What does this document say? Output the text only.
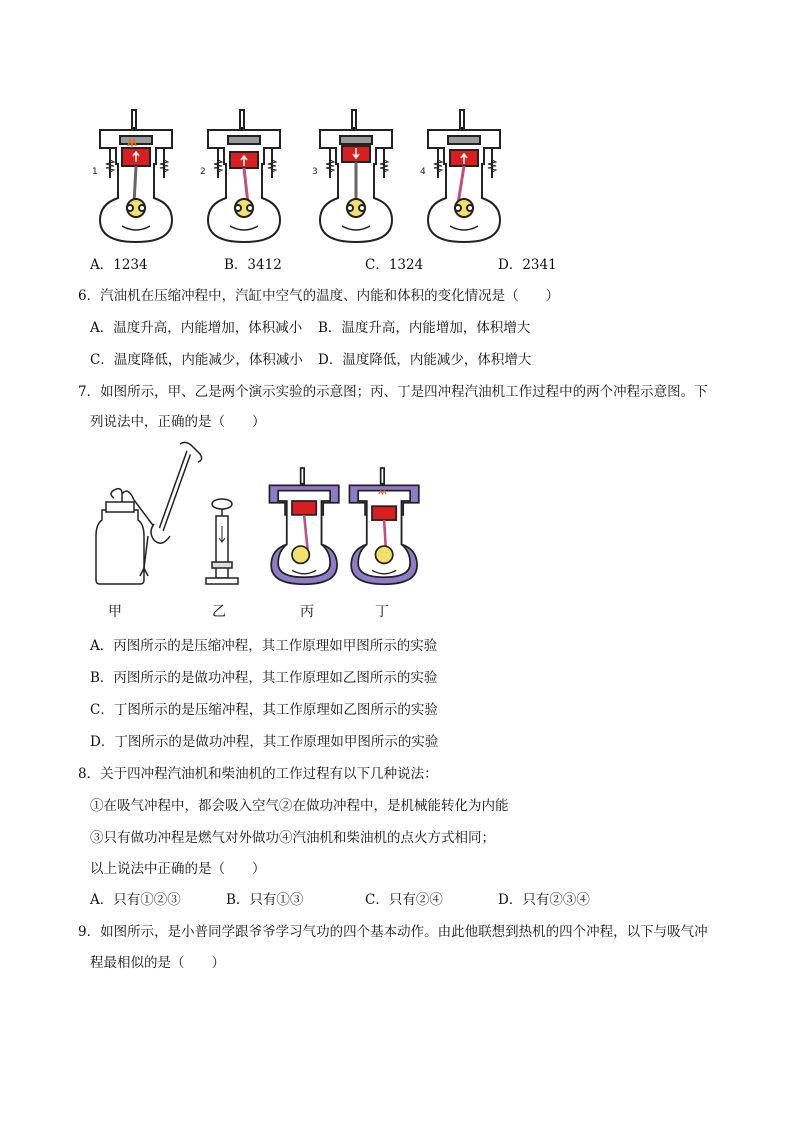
1	2	3	4
A．1234	B．3412	C．1324	D．2341
6．汽油机在压缩冲程中，汽缸中空气的温度、内能和体积的变化情况是（　　）
A．温度升高，内能增加，体积减小 B．温度升高，内能增加，体积增大
C．温度降低，内能减少，体积减小 D．温度降低，内能减少，体积增大
7．如图所示，甲、乙是两个演示实验的示意图；丙、丁是四冲程汽油机工作过程中的两个冲程示意图。下
列说法中，正确的是（　　）
甲	乙	丙	丁
A．丙图所示的是压缩冲程，其工作原理如甲图所示的实验
B．丙图所示的是做功冲程，其工作原理如乙图所示的实验
C．丁图所示的是压缩冲程，其工作原理如乙图所示的实验
D．丁图所示的是做功冲程，其工作原理如甲图所示的实验
8．关于四冲程汽油机和柴油机的工作过程有以下几种说法：
①在吸气冲程中，都会吸入空气②在做功冲程中，是机械能转化为内能
③只有做功冲程是燃气对外做功④汽油机和柴油机的点火方式相同；
以上说法中正确的是（　　）
A．只有①②③	B．只有①③	C．只有②④	D．只有②③④
9．如图所示，是小普同学跟爷爷学习气功的四个基本动作。由此他联想到热机的四个冲程，以下与吸气冲
程最相似的是（　　）
